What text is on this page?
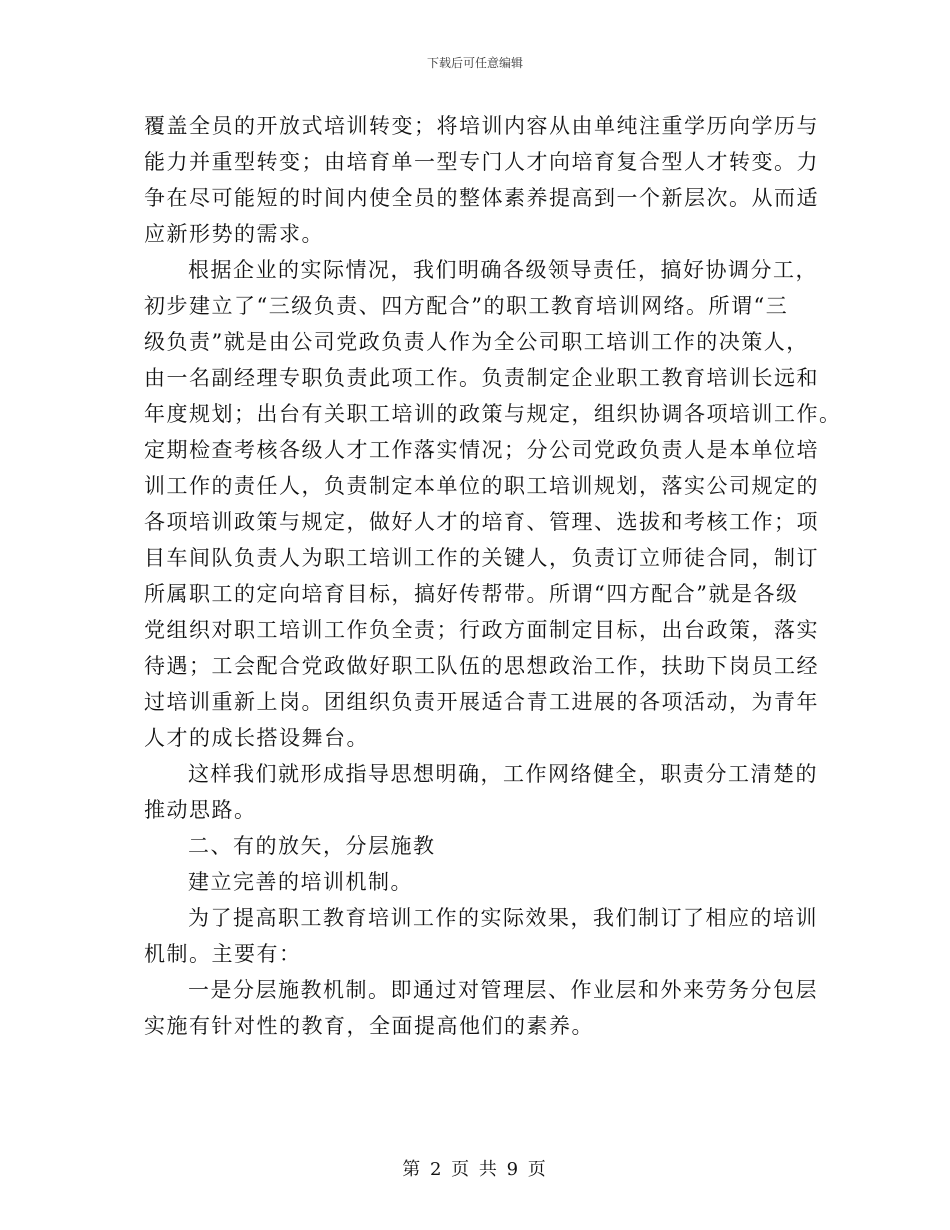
下载后可任意编辑

覆盖全员的开放式培训转变；将培训内容从由单纯注重学历向学历与
能力并重型转变；由培育单一型专门人才向培育复合型人才转变。力
争在尽可能短的时间内使全员的整体素养提高到一个新层次。从而适
应新形势的需求。

根据企业的实际情况，我们明确各级领导责任，搞好协调分工，
初步建立了“三级负责、四方配合”的职工教育培训网络。所谓“三
级负责”就是由公司党政负责人作为全公司职工培训工作的决策人，
由一名副经理专职负责此项工作。负责制定企业职工教育培训长远和
年度规划；出台有关职工培训的政策与规定，组织协调各项培训工作。
定期检查考核各级人才工作落实情况；分公司党政负责人是本单位培
训工作的责任人，负责制定本单位的职工培训规划，落实公司规定的
各项培训政策与规定，做好人才的培育、管理、选拔和考核工作；项
目车间队负责人为职工培训工作的关键人，负责订立师徒合同，制订
所属职工的定向培育目标，搞好传帮带。所谓“四方配合”就是各级
党组织对职工培训工作负全责；行政方面制定目标，出台政策，落实
待遇；工会配合党政做好职工队伍的思想政治工作，扶助下岗员工经
过培训重新上岗。团组织负责开展适合青工进展的各项活动，为青年
人才的成长搭设舞台。

这样我们就形成指导思想明确，工作网络健全，职责分工清楚的
推动思路。

二、有的放矢，分层施教

建立完善的培训机制。

为了提高职工教育培训工作的实际效果，我们制订了相应的培训
机制。主要有：

一是分层施教机制。即通过对管理层、作业层和外来劳务分包层
实施有针对性的教育，全面提高他们的素养。

第 2 页 共 9 页
